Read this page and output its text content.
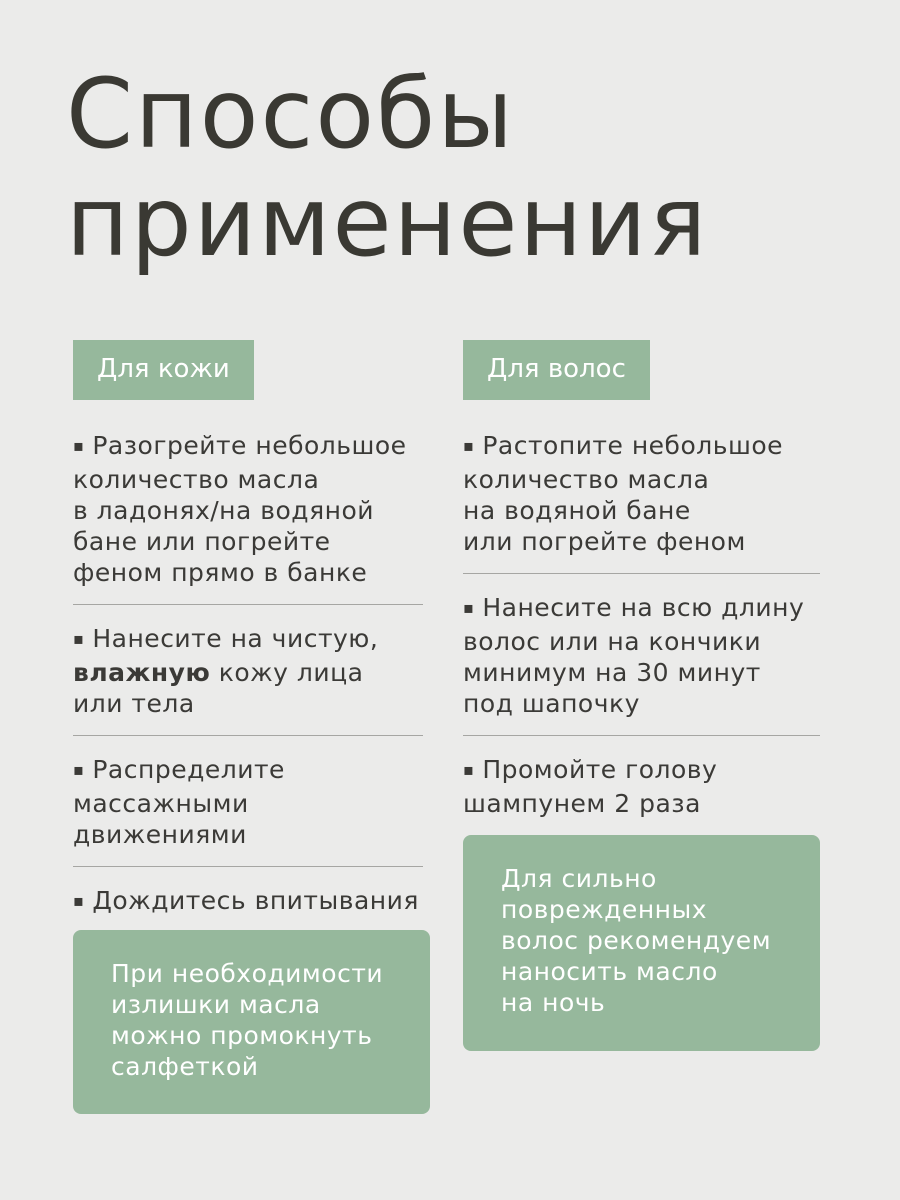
Способы
применения
Для кожи
▪ Разогрейте небольшое
количество масла
в ладонях/на водяной
бане или погрейте
феном прямо в банке
▪ Нанесите на чистую,
влажную кожу лица
или тела
▪ Распределите
массажными
движениями
▪ Дождитесь впитывания
При необходимости
излишки масла
можно промокнуть
салфеткой
Для волос
▪ Растопите небольшое
количество масла
на водяной бане
или погрейте феном
▪ Нанесите на всю длину
волос или на кончики
минимум на 30 минут
под шапочку
▪ Промойте голову
шампунем 2 раза
Для сильно
поврежденных
волос рекомендуем
наносить масло
на ночь
